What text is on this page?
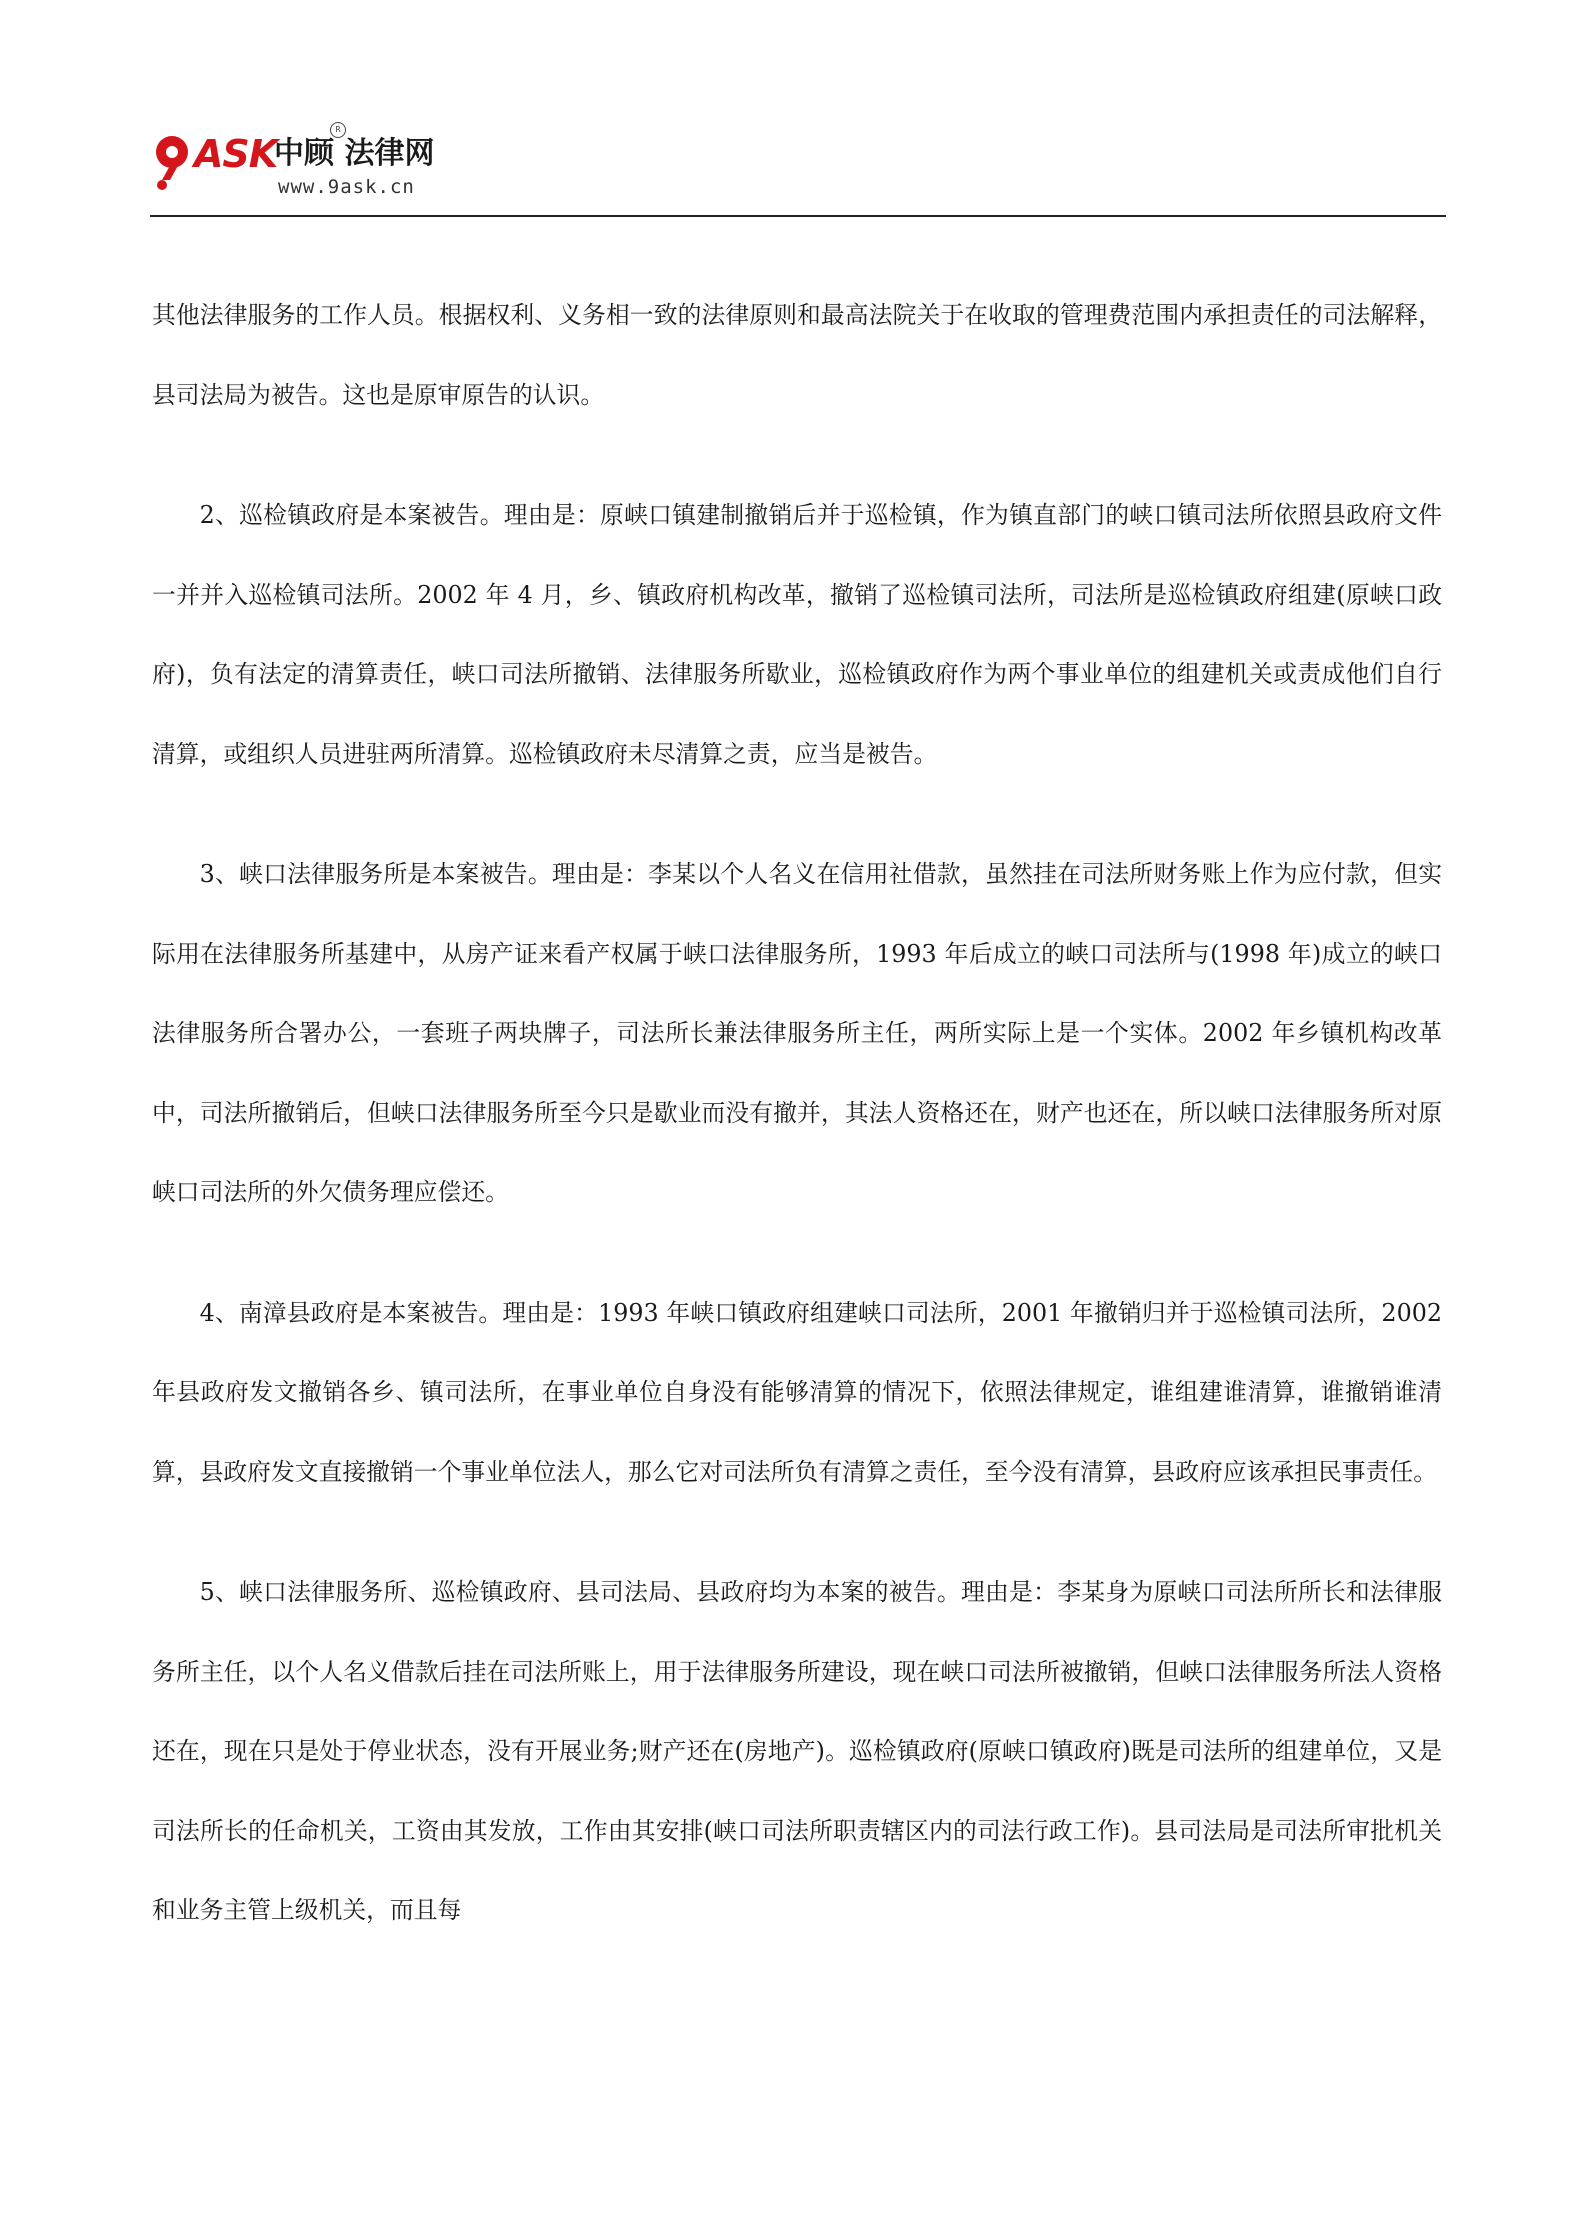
ASK
中顾 法律网
R
www.9ask.cn

其他法律服务的工作人员。根据权利、义务相一致的法律原则和最高法院关于在收取的管理费范围内承担责任的司法解释，县司法局为被告。这也是原审原告的认识。

2、巡检镇政府是本案被告。理由是：原峡口镇建制撤销后并于巡检镇，作为镇直部门的峡口镇司法所依照县政府文件一并并入巡检镇司法所。2002 年 4 月，乡、镇政府机构改革，撤销了巡检镇司法所，司法所是巡检镇政府组建(原峡口政府)，负有法定的清算责任，峡口司法所撤销、法律服务所歇业，巡检镇政府作为两个事业单位的组建机关或责成他们自行清算，或组织人员进驻两所清算。巡检镇政府未尽清算之责，应当是被告。

3、峡口法律服务所是本案被告。理由是：李某以个人名义在信用社借款，虽然挂在司法所财务账上作为应付款，但实际用在法律服务所基建中，从房产证来看产权属于峡口法律服务所，1993 年后成立的峡口司法所与(1998 年)成立的峡口法律服务所合署办公，一套班子两块牌子，司法所长兼法律服务所主任，两所实际上是一个实体。2002 年乡镇机构改革中，司法所撤销后，但峡口法律服务所至今只是歇业而没有撤并，其法人资格还在，财产也还在，所以峡口法律服务所对原峡口司法所的外欠债务理应偿还。

4、南漳县政府是本案被告。理由是：1993 年峡口镇政府组建峡口司法所，2001 年撤销归并于巡检镇司法所，2002 年县政府发文撤销各乡、镇司法所，在事业单位自身没有能够清算的情况下，依照法律规定，谁组建谁清算，谁撤销谁清算，县政府发文直接撤销一个事业单位法人，那么它对司法所负有清算之责任，至今没有清算，县政府应该承担民事责任。

5、峡口法律服务所、巡检镇政府、县司法局、县政府均为本案的被告。理由是：李某身为原峡口司法所所长和法律服务所主任，以个人名义借款后挂在司法所账上，用于法律服务所建设，现在峡口司法所被撤销，但峡口法律服务所法人资格还在，现在只是处于停业状态，没有开展业务;财产还在(房地产)。巡检镇政府(原峡口镇政府)既是司法所的组建单位，又是司法所长的任命机关，工资由其发放，工作由其安排(峡口司法所职责辖区内的司法行政工作)。县司法局是司法所审批机关和业务主管上级机关，而且每
